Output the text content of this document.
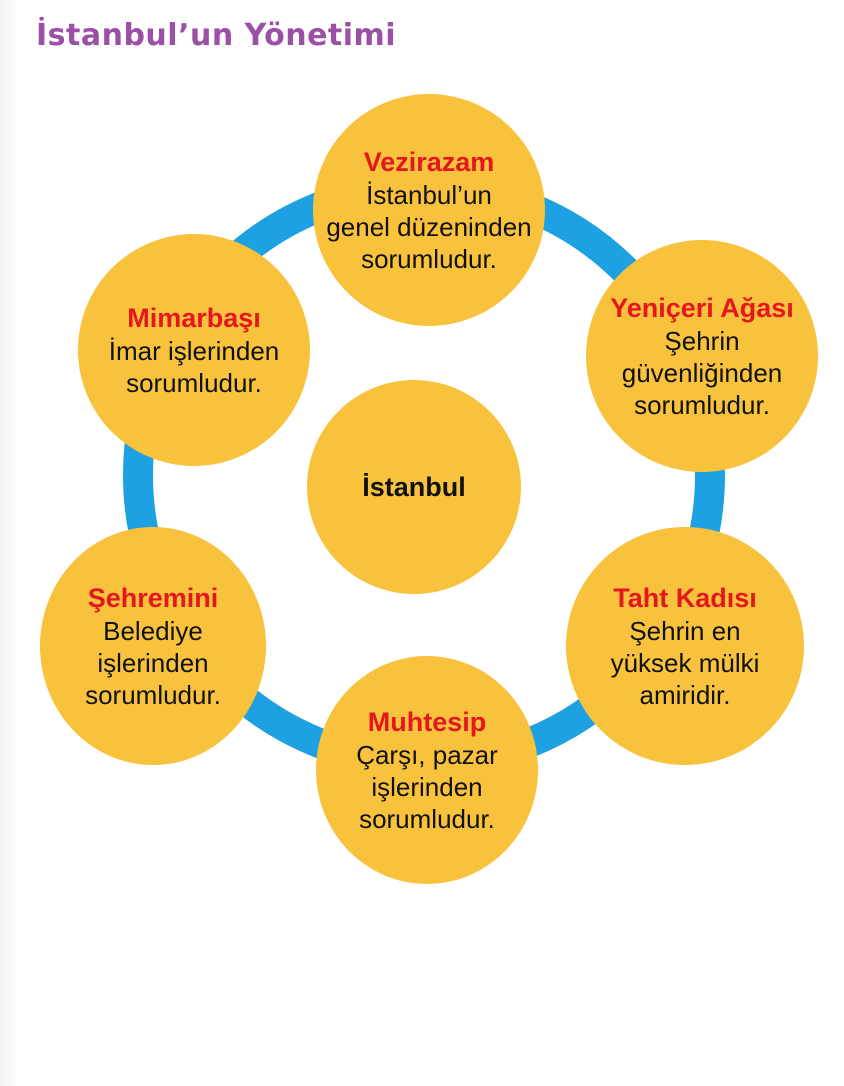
İstanbul’un Yönetimi
Vezirazam
İstanbul’un
genel düzeninden
sorumludur.
Yeniçeri Ağası
Şehrin
güvenliğinden
sorumludur.
Taht Kadısı
Şehrin en
yüksek mülki
amiridir.
Muhtesip
Çarşı, pazar
işlerinden
sorumludur.
Şehremini
Belediye
işlerinden
sorumludur.
Mimarbaşı
İmar işlerinden
sorumludur.
İstanbul
